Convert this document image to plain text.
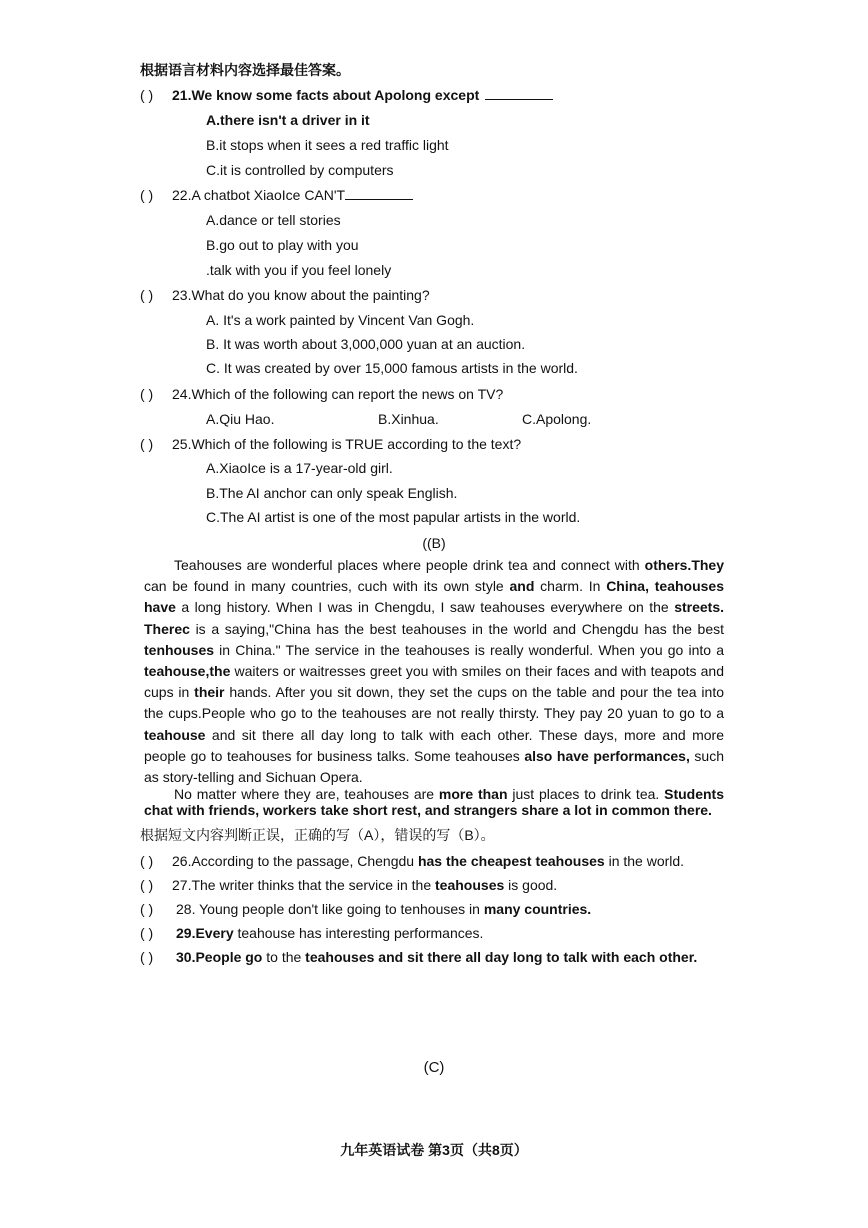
根据语言材料内容选择最佳答案。
( ) 21.We know some facts about Apolong except
A.there isn't a driver in it
B.it stops when it sees a red traffic light
C.it is controlled by computers
( ) 22.A chatbot XiaoIce CAN'T
A.dance or tell stories
B.go out to play with you
.talk with you if you feel lonely
( ) 23.What do you know about the painting?
A. It's a work painted by Vincent Van Gogh.
B. It was worth about 3,000,000 yuan at an auction.
C. It was created by over 15,000 famous artists in the world.
( ) 24.Which of the following can report the news on TV?
A.Qiu Hao.	B.Xinhua.	C.Apolong.
( ) 25.Which of the following is TRUE according to the text?
A.XiaoIce is a 17-year-old girl.
B.The AI anchor can only speak English.
C.The AI artist is one of the most papular artists in the world.
((B)
Teahouses are wonderful places where people drink tea and connect with others.They can be found in many countries, cuch with its own style and charm. In China, teahouses have a long history. When I was in Chengdu, I saw teahouses everywhere on the streets. Therec is a saying,"China has the best teahouses in the world and Chengdu has the best tenhouses in China." The service in the teahouses is really wonderful. When you go into a teahouse,the waiters or waitresses greet you with smiles on their faces and with teapots and cups in their hands. After you sit down, they set the cups on the table and pour the tea into the cups.People who go to the teahouses are not really thirsty. They pay 20 yuan to go to a teahouse and sit there all day long to talk with each other. These days, more and more people go to teahouses for business talks. Some teahouses also have performances, such as story-telling and Sichuan Opera.
No matter where they are, teahouses are more than just places to drink tea. Students chat with friends, workers take short rest, and strangers share a lot in common there.
根据短文内容判断正误，正确的写（A），错误的写（B）。
( ) 26.According to the passage, Chengdu has the cheapest teahouses in the world.
( ) 27.The writer thinks that the service in the teahouses is good.
( ) 28. Young people don't like going to tenhouses in many countries.
( ) 29.Every teahouse has interesting performances.
( ) 30.People go to the teahouses and sit there all day long to talk with each other.
(C)
九年英语试卷 第3页（共8页）
